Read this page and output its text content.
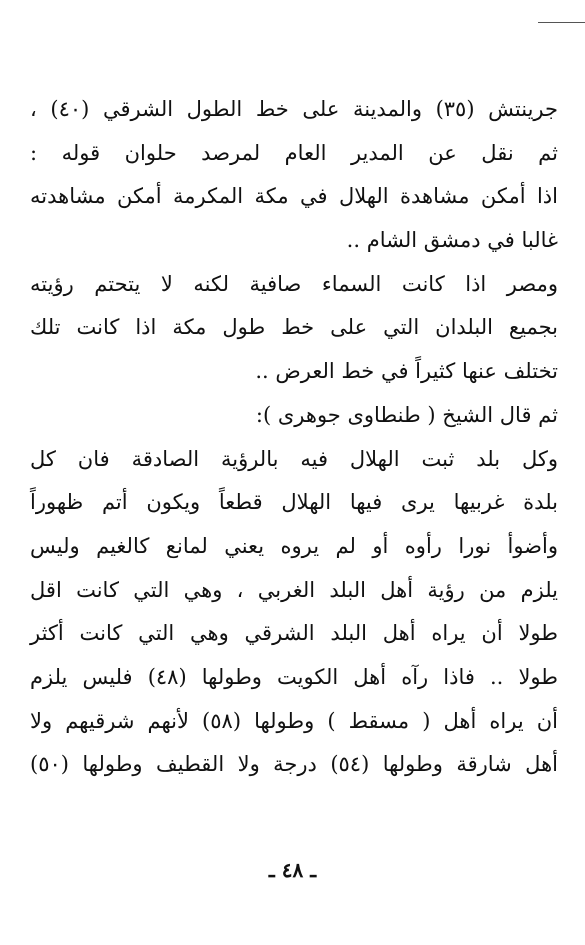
جرينتش (٣٥) والمدينة على خط الطول الشرقي (٤٠) ،
ثم نقل عن المدير العام لمرصد حلوان قوله :
اذا أمكن مشاهدة الهلال في مكة المكرمة أمكن مشاهدته
غالبا في دمشق الشام ..
ومصر اذا كانت السماء صافية لكنه لا يتحتم رؤيته
بجميع البلدان التي على خط طول مكة اذا كانت تلك
تختلف عنها كثيراً في خط العرض ..
ثم قال الشيخ ( طنطاوى جوهرى ):
وكل بلد ثبت الهلال فيه بالرؤية الصادقة فان كل
بلدة غربيها يرى فيها الهلال قطعاً ويكون أتم ظهوراً
وأضوأ نورا رأوه أو لم يروه يعني لمانع كالغيم وليس
يلزم من رؤية أهل البلد الغربي ، وهي التي كانت اقل
طولا أن يراه أهل البلد الشرقي وهي التي كانت أكثر
طولا .. فاذا رآه أهل الكويت وطولها (٤٨) فليس يلزم
أن يراه أهل ( مسقط ) وطولها (٥٨) لأنهم شرقيهم ولا
أهل شارقة وطولها (٥٤) درجة ولا القطيف وطولها (٥٠)
ـ ٤٨ ـ
